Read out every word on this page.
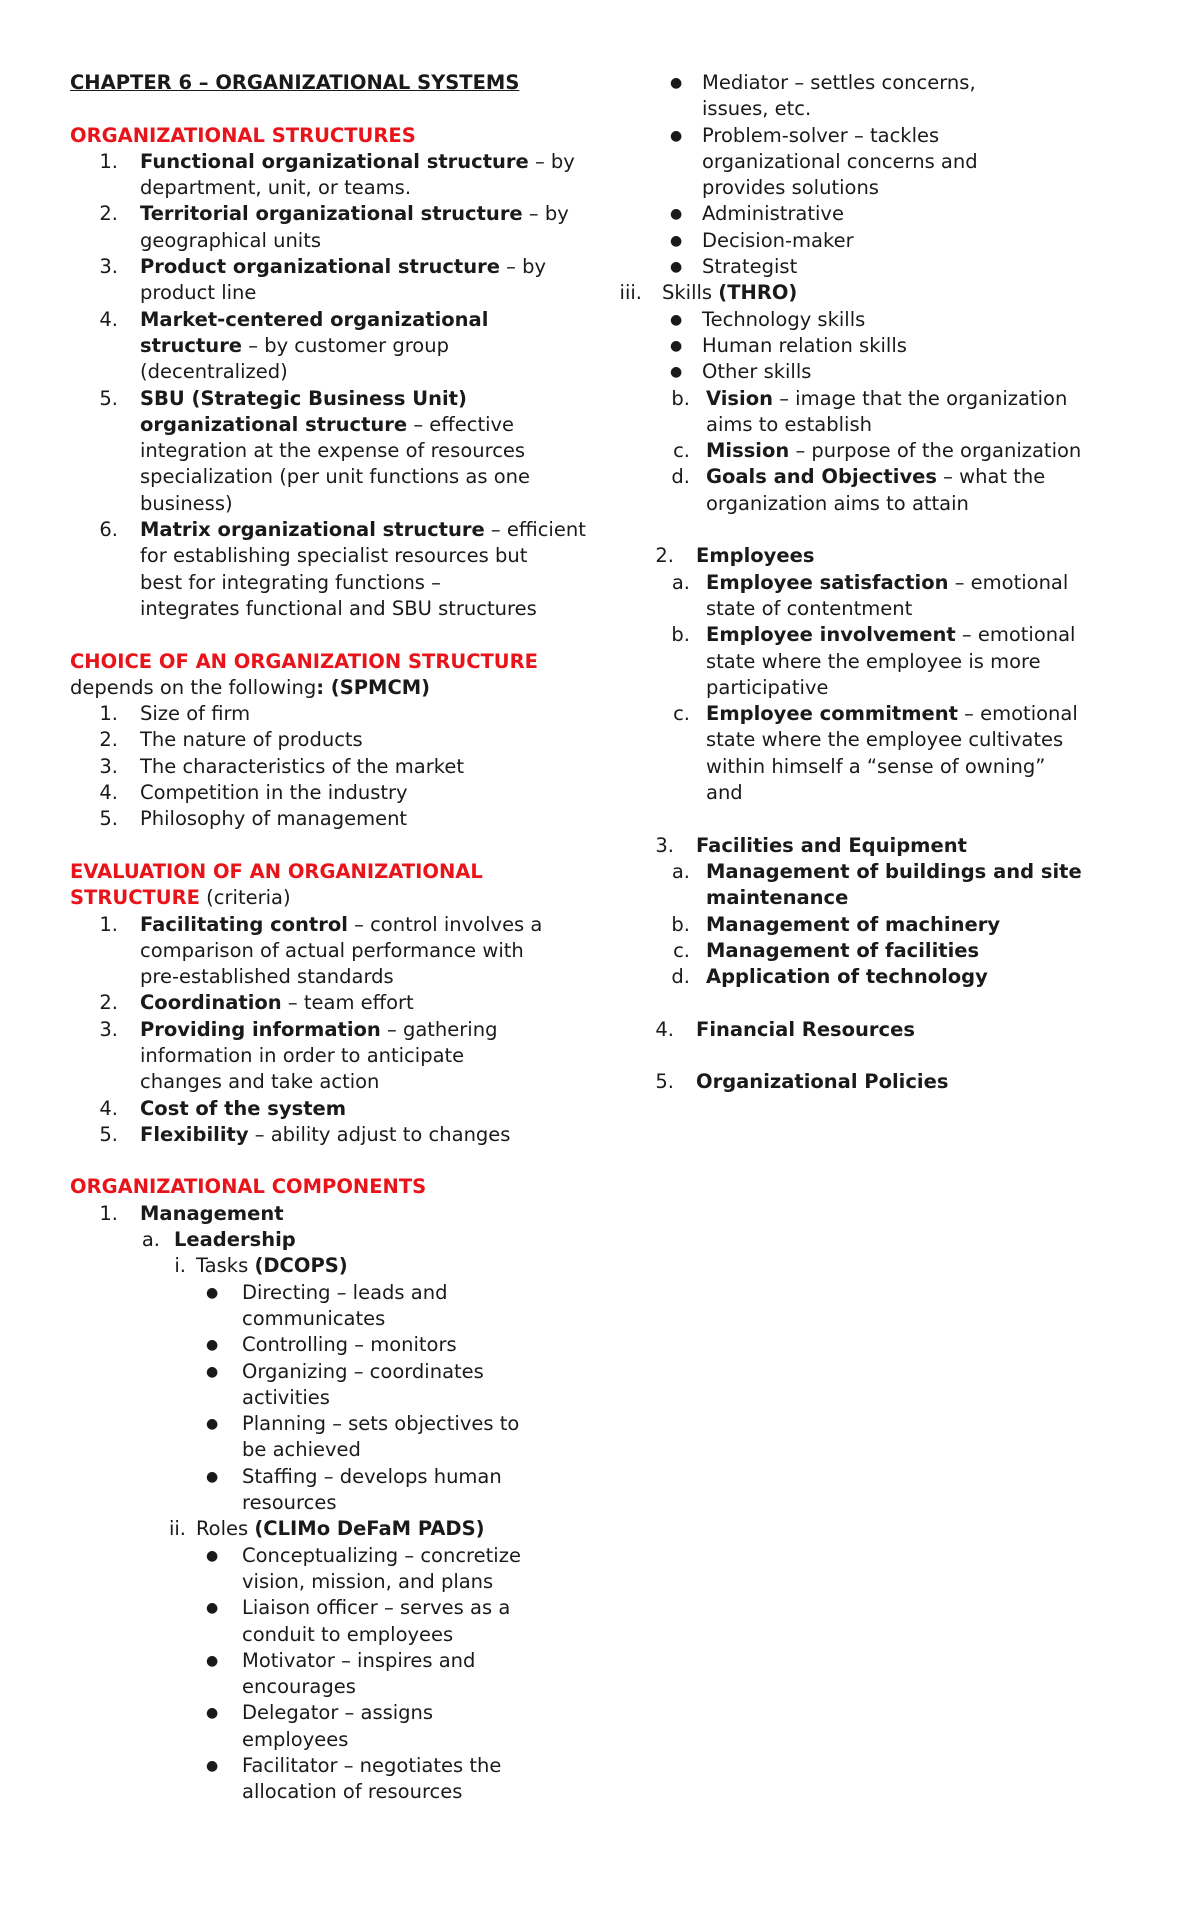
CHAPTER 6 – ORGANIZATIONAL SYSTEMS
ORGANIZATIONAL STRUCTURES
1. Functional organizational structure – by
department, unit, or teams.
2. Territorial organizational structure – by
geographical units
3. Product organizational structure – by
product line
4. Market-centered organizational
structure – by customer group
(decentralized)
5. SBU (Strategic Business Unit)
organizational structure – effective
integration at the expense of resources
specialization (per unit functions as one
business)
6. Matrix organizational structure – efficient
for establishing specialist resources but
best for integrating functions –
integrates functional and SBU structures
CHOICE OF AN ORGANIZATION STRUCTURE
depends on the following: (SPMCM)
1. Size of firm
2. The nature of products
3. The characteristics of the market
4. Competition in the industry
5. Philosophy of management
EVALUATION OF AN ORGANIZATIONAL
STRUCTURE (criteria)
1. Facilitating control – control involves a
comparison of actual performance with
pre-established standards
2. Coordination – team effort
3. Providing information – gathering
information in order to anticipate
changes and take action
4. Cost of the system
5. Flexibility – ability adjust to changes
ORGANIZATIONAL COMPONENTS
1. Management
a. Leadership
i. Tasks (DCOPS)
● Directing – leads and
communicates
● Controlling – monitors
● Organizing – coordinates
activities
● Planning – sets objectives to
be achieved
● Staffing – develops human
resources
ii. Roles (CLIMo DeFaM PADS)
● Conceptualizing – concretize
vision, mission, and plans
● Liaison officer – serves as a
conduit to employees
● Motivator – inspires and
encourages
● Delegator – assigns
employees
● Facilitator – negotiates the
allocation of resources
● Mediator – settles concerns,
issues, etc.
● Problem-solver – tackles
organizational concerns and
provides solutions
● Administrative
● Decision-maker
● Strategist
iii. Skills (THRO)
● Technology skills
● Human relation skills
● Other skills
b. Vision – image that the organization
aims to establish
c. Mission – purpose of the organization
d. Goals and Objectives – what the
organization aims to attain
2. Employees
a. Employee satisfaction – emotional
state of contentment
b. Employee involvement – emotional
state where the employee is more
participative
c. Employee commitment – emotional
state where the employee cultivates
within himself a “sense of owning”
and
3. Facilities and Equipment
a. Management of buildings and site
maintenance
b. Management of machinery
c. Management of facilities
d. Application of technology
4. Financial Resources
5. Organizational Policies
